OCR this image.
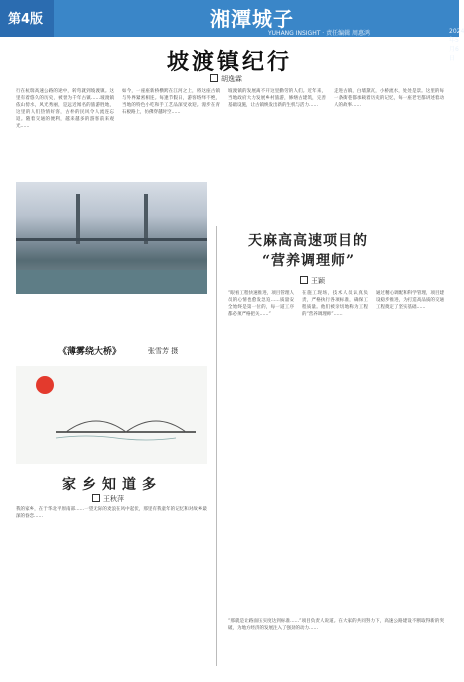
第4版	湘潭城子
YUHANG INSIGHT · 责任编辑 周惠鸿	2024年5月6日
坡渡镇纪行
胡逸霖
行在杭瑞高速公路的途中，转弯就到坡渡镇。这里有着悠久的历史，被誉为千年古镇……坡渡镇依山傍水，风光秀丽，是远近闻名的旅游胜地，这里的人们热情好客，古朴的民风令人流连忘返。随着交通的便利，越来越多的游客前来观光……
如今，一座座新桥横跨在江河之上，将这座古镇与外界紧密相连。每逢节假日，游客络绎不绝，当地的特色小吃和手工艺品深受欢迎。漫步在青石板路上，仿佛穿越时空……
坡渡镇的发展离不开这里勤劳的人们。近年来，当地政府大力发展乡村旅游，修缮古建筑，完善基础设施，让古镇焕发出新的生机与活力……
走进古镇，白墙黛瓦，小桥流水，处处是景。这里的每一条街巷都承载着历史的记忆，每一座老宅都讲述着动人的故事……
《薄雾绕大桥》	张雪芳 摄
家乡知道多
王秋萍
我的家乡，在于华北平原南部……一望无际的麦浪在风中起伏，那里有我童年的记忆和对故乡最深的眷恋……
天麻高高速项目的
“营养调理师”
王颖
“眼看工程快速推进，项目管理人员的心情也愈发急迫……质量安全始终是第一位的，每一道工序都必须严格把关……”
在施工现场，技术人员认真负责，严格执行各项标准，确保工程质量。他们被亲切地称为工程的“营养调理师”……
通过精心调配和科学管理，项目建设稳步推进，为打造高品质的交通工程奠定了坚实基础……
“那就是让路面压实度达到标准……”项目负责人说道。在大家的共同努力下，高速公路建设不断取得新的突破，为地方经济的发展注入了强劲的动力……
